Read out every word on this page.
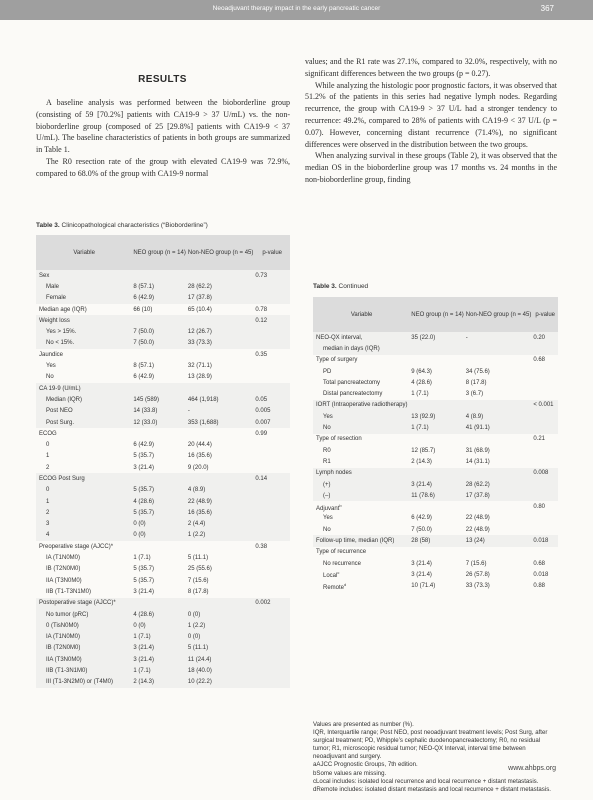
Neoadjuvant therapy impact in the early pancreatic cancer	367
RESULTS

A baseline analysis was performed between the bioborderline group (consisting of 59 [70.2%] patients with CA19-9 > 37 U/mL) vs. the non-bioborderline group (composed of 25 [29.8%] patients with CA19-9 < 37 U/mL). The baseline characteristics of patients in both groups are summarized in Table 1.

The R0 resection rate of the group with elevated CA19-9 was 72.9%, compared to 68.0% of the group with CA19-9 normal

values; and the R1 rate was 27.1%, compared to 32.0%, respectively, with no significant differences between the two groups (p = 0.27).

While analyzing the histologic poor prognostic factors, it was observed that 51.2% of the patients in this series had negative lymph nodes. Regarding recurrence, the group with CA19-9 > 37 U/L had a stronger tendency to recurrence: 49.2%, compared to 28% of patients with CA19-9 < 37 U/L (p = 0.07). However, concerning distant recurrence (71.4%), no significant differences were observed in the distribution between the two groups.

When analyzing survival in these groups (Table 2), it was observed that the median OS in the bioborderline group was 17 months vs. 24 months in the non-bioborderline group, finding

Table 3. Clinicopathological characteristics (“Bioborderline”)
Variable	NEO group (n = 14)	Non-NEO group (n = 45)	p-value
Sex			0.73
Male	8 (57.1)	28 (62.2)	
Female	6 (42.9)	17 (37.8)	
Median age (IQR)	66 (10)	65 (10.4)	0.78
Weight loss			0.12
Yes > 15%.	7 (50.0)	12 (26.7)	
No < 15%.	7 (50.0)	33 (73.3)	
Jaundice			0.35
Yes	8 (57.1)	32 (71.1)	
No	6 (42.9)	13 (28.9)	
CA 19-9 (U/mL)			
Median (IQR)	145 (589)	464 (1,918)	0.05
Post NEO	14 (33.8)	-	0.005
Post Surg.	12 (33.0)	353 (1,688)	0.007
ECOG			0.99
0	6 (42.9)	20 (44.4)	
1	5 (35.7)	16 (35.6)	
2	3 (21.4)	9 (20.0)	
ECOG Post Surg			0.14
0	5 (35.7)	4 (8.9)	
1	4 (28.6)	22 (48.9)	
2	5 (35.7)	16 (35.6)	
3	0 (0)	2 (4.4)	
4	0 (0)	1 (2.2)	
Preoperative stage (AJCC)*			0.38
IA (T1N0M0)	1 (7.1)	5 (11.1)	
IB (T2N0M0)	5 (35.7)	25 (55.6)	
IIA (T3N0M0)	5 (35.7)	7 (15.6)	
IIB (T1-T3N1M0)	3 (21.4)	8 (17.8)	
Postoperative stage (AJCC)*			0.002
No tumor (pRC)	4 (28.6)	0 (0)	
0 (TisN0M0)	0 (0)	1 (2.2)	
IA (T1N0M0)	1 (7.1)	0 (0)	
IB (T2N0M0)	3 (21.4)	5 (11.1)	
IIA (T3N0M0)	3 (21.4)	11 (24.4)	
IIB (T1-3N1M0)	1 (7.1)	18 (40.0)	
III (T1-3N2M0) or (T4M0)	2 (14.3)	10 (22.2)	
Table 3. Continued
Variable	NEO group (n = 14)	Non-NEO group (n = 45)	p-value
NEO-QX interval,	35 (22.0)	-	0.20
median in days (IQR)			
Type of surgery			0.68
PD	9 (64.3)	34 (75.6)	
Total pancreatectomy	4 (28.6)	8 (17.8)	
Distal pancreatectomy	1 (7.1)	3 (6.7)	
IORT (Intraoperative radiotherapy)			< 0.001
Yes	13 (92.9)	4 (8.9)	
No	1 (7.1)	41 (91.1)	
Type of resection			0.21
R0	12 (85.7)	31 (68.9)	
R1	2 (14.3)	14 (31.1)	
Lymph nodes			0.008
(+)	3 (21.4)	28 (62.2)	
(–)	11 (78.6)	17 (37.8)	
Adjuvant$^b$			0.80
Yes	6 (42.9)	22 (48.9)	
No	7 (50.0)	22 (48.9)	
Follow-up time, median (IQR)	28 (58)	13 (24)	0.018
Type of recurrence			
No recurrence	3 (21.4)	7 (15.6)	0.68
Local$^c$	3 (21.4)	26 (57.8)	0.018
Remote$^d$	10 (71.4)	33 (73.3)	0.88

Values are presented as number (%).

IQR, Interquartile range; Post NEO, post neoadjuvant treatment levels; Post Surg, after surgical treatment; PD, Whipple’s cephalic duodenopancreatectomy; R0, no residual tumor; R1, microscopic residual tumor; NEO-QX Interval, interval time between neoadjuvant and surgery.

aAJCC Prognostic Groups, 7th edition.

bSome values are missing.

cLocal includes: isolated local recurrence and local recurrence + distant metastasis.

dRemote includes: isolated distant metastasis and local recurrence + distant metastasis.

www.ahbps.org
